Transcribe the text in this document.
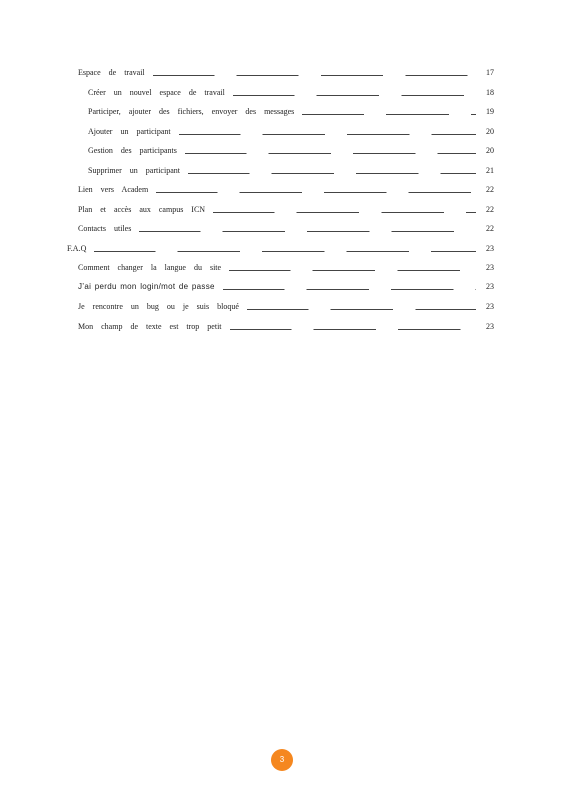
Espace de travail	17
Créer un nouvel espace de travail	18
Participer, ajouter des fichiers, envoyer des messages	19
Ajouter un participant	20
Gestion des participants	20
Supprimer un participant	21
Lien vers Academ	22
Plan et accès aux campus ICN	22
Contacts utiles	22
F.A.Q	23
Comment changer la langue du site	23
J’ai perdu mon login/mot de passe	23
Je rencontre un bug ou je suis bloqué	23
Mon champ de texte est trop petit	23
3
